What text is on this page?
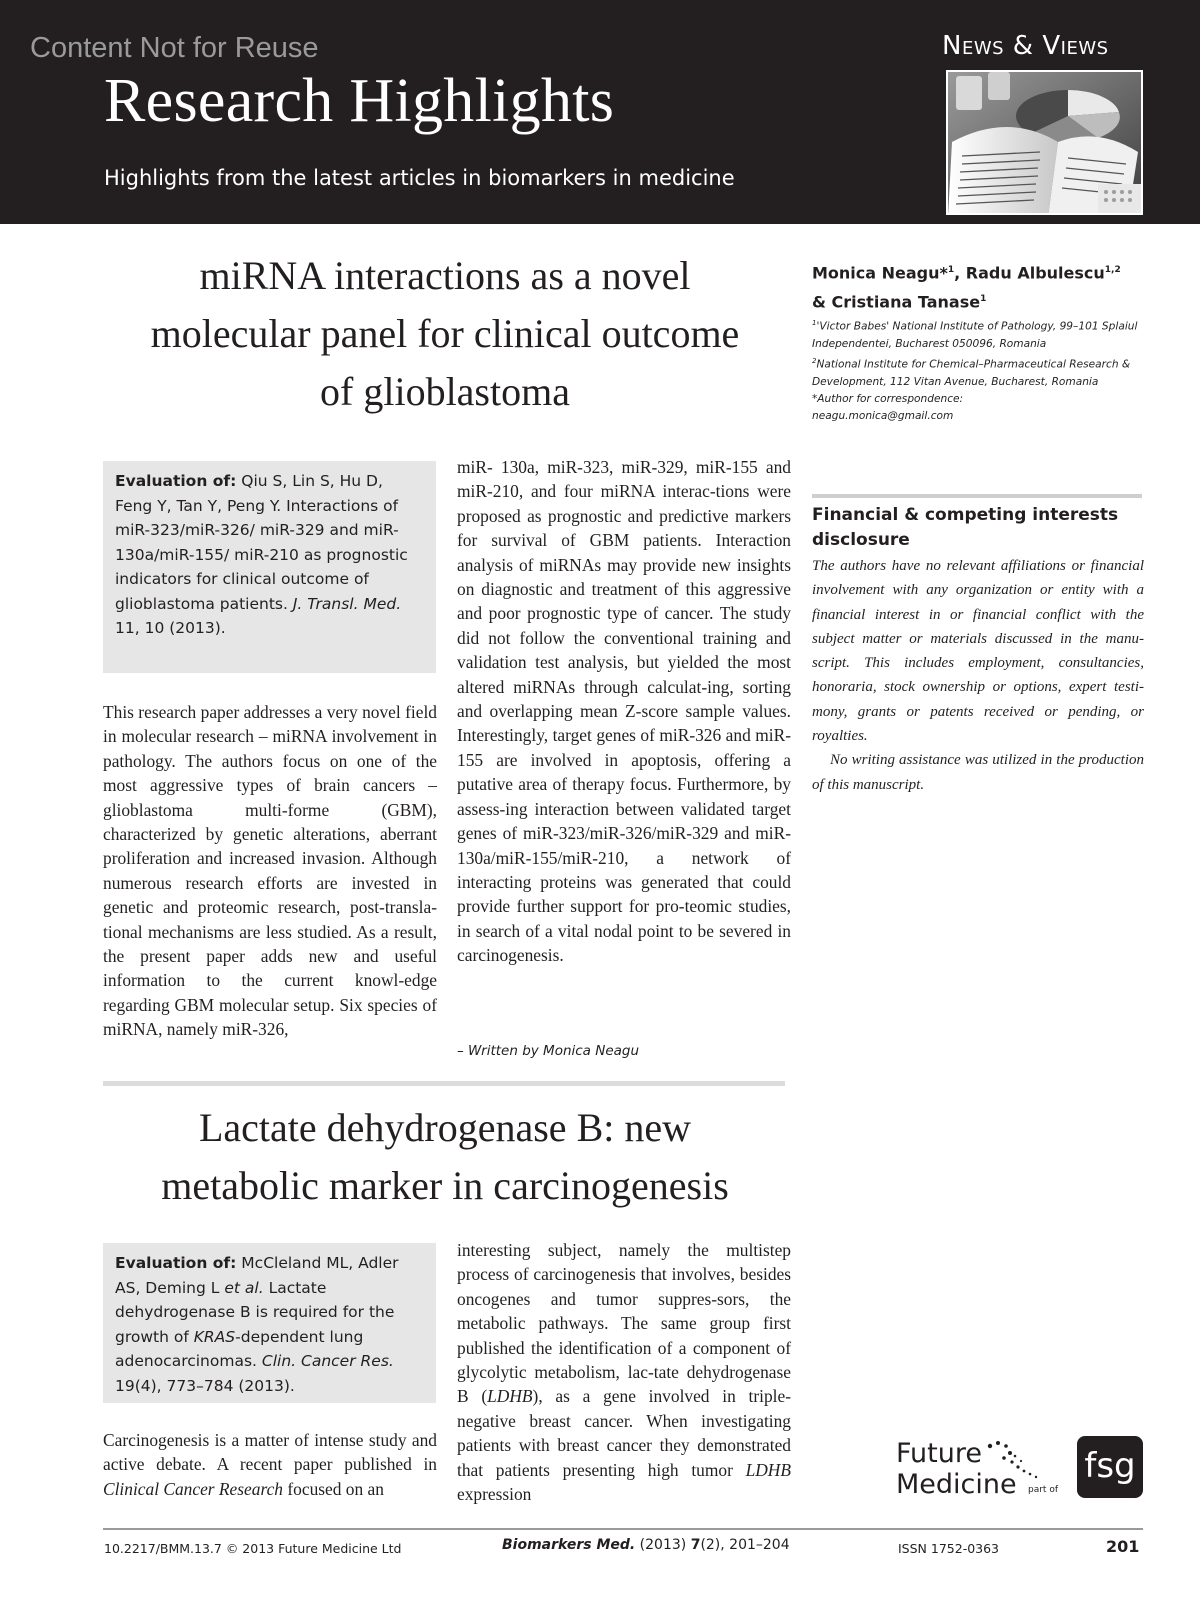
Content Not for Reuse
Research Highlights
Highlights from the latest articles in biomarkers in medicine
News & Views
miRNA interactions as a novel
molecular panel for clinical outcome
of glioblastoma
Evaluation of: Qiu S, Lin S, Hu D, Feng Y, Tan Y, Peng Y. Interactions of miR-323/miR-326/ miR-329 and miR-130a/miR-155/ miR-210 as prognostic indicators for clinical outcome of glioblastoma patients. J. Transl. Med. 11, 10 (2013).

This research paper addresses a very novel field in molecular research – miRNA involvement in pathology. The authors focus on one of the most aggressive types of brain cancers – glioblastoma multi-forme (GBM), characterized by genetic alterations, aberrant proliferation and increased invasion. Although numerous research efforts are invested in genetic and proteomic research, post-transla-tional mechanisms are less studied. As a result, the present paper adds new and useful information to the current knowl-edge regarding GBM molecular setup. Six species of miRNA, namely miR-326,

miR- 130a, miR-323, miR-329, miR-155 and miR-210, and four miRNA interac-tions were proposed as prognostic and predictive markers for survival of GBM patients. Interaction analysis of miRNAs may provide new insights on diagnostic and treatment of this aggressive and poor prognostic type of cancer. The study did not follow the conventional training and validation test analysis, but yielded the most altered miRNAs through calculat-ing, sorting and overlapping mean Z-score sample values. Interestingly, target genes of miR-326 and miR-155 are involved in apoptosis, offering a putative area of therapy focus. Furthermore, by assess-ing interaction between validated target genes of miR-323/miR-326/miR-329 and miR-130a/miR-155/miR-210, a network of interacting proteins was generated that could provide further support for pro-teomic studies, in search of a vital nodal point to be severed in carcinogenesis.

– Written by Monica Neagu
Lactate dehydrogenase B: new
metabolic marker in carcinogenesis
Evaluation of: McCleland ML, Adler AS, Deming L et al. Lactate dehydrogenase B is required for the growth of KRAS-dependent lung adenocarcinomas. Clin. Cancer Res. 19(4), 773–784 (2013).

Carcinogenesis is a matter of intense study and active debate. A recent paper published in Clinical Cancer Research focused on an

interesting subject, namely the multistep process of carcinogenesis that involves, besides oncogenes and tumor suppres-sors, the metabolic pathways. The same group first published the identification of a component of glycolytic metabolism, lac-tate dehydrogenase B (LDHB), as a gene involved in triple-negative breast cancer. When investigating patients with breast cancer they demonstrated that patients presenting high tumor LDHB expression

Monica Neagu*$^1$, Radu Albulescu$^{1,2}$
& Cristiana Tanase$^1$
$^1$'Victor Babes' National Institute of Pathology, 99–101 Splaiul Independentei, Bucharest 050096, Romania
$^2$National Institute for Chemical–Pharmaceutical Research & Development, 112 Vitan Avenue, Bucharest, Romania
*Author for correspondence:
neagu.monica@gmail.com
Financial & competing interests disclosure

The authors have no relevant affiliations or financial involvement with any organization or entity with a financial interest in or financial conflict with the subject matter or materials discussed in the manu-script. This includes employment, consultancies, honoraria, stock ownership or options, expert testi-mony, grants or patents received or pending, or royalties.

No writing assistance was utilized in the production of this manuscript.

Future
Medicine part of
fsg
10.2217/BMM.13.7 © 2013 Future Medicine Ltd	Biomarkers Med. (2013) 7(2), 201–204	ISSN 1752-0363	201
